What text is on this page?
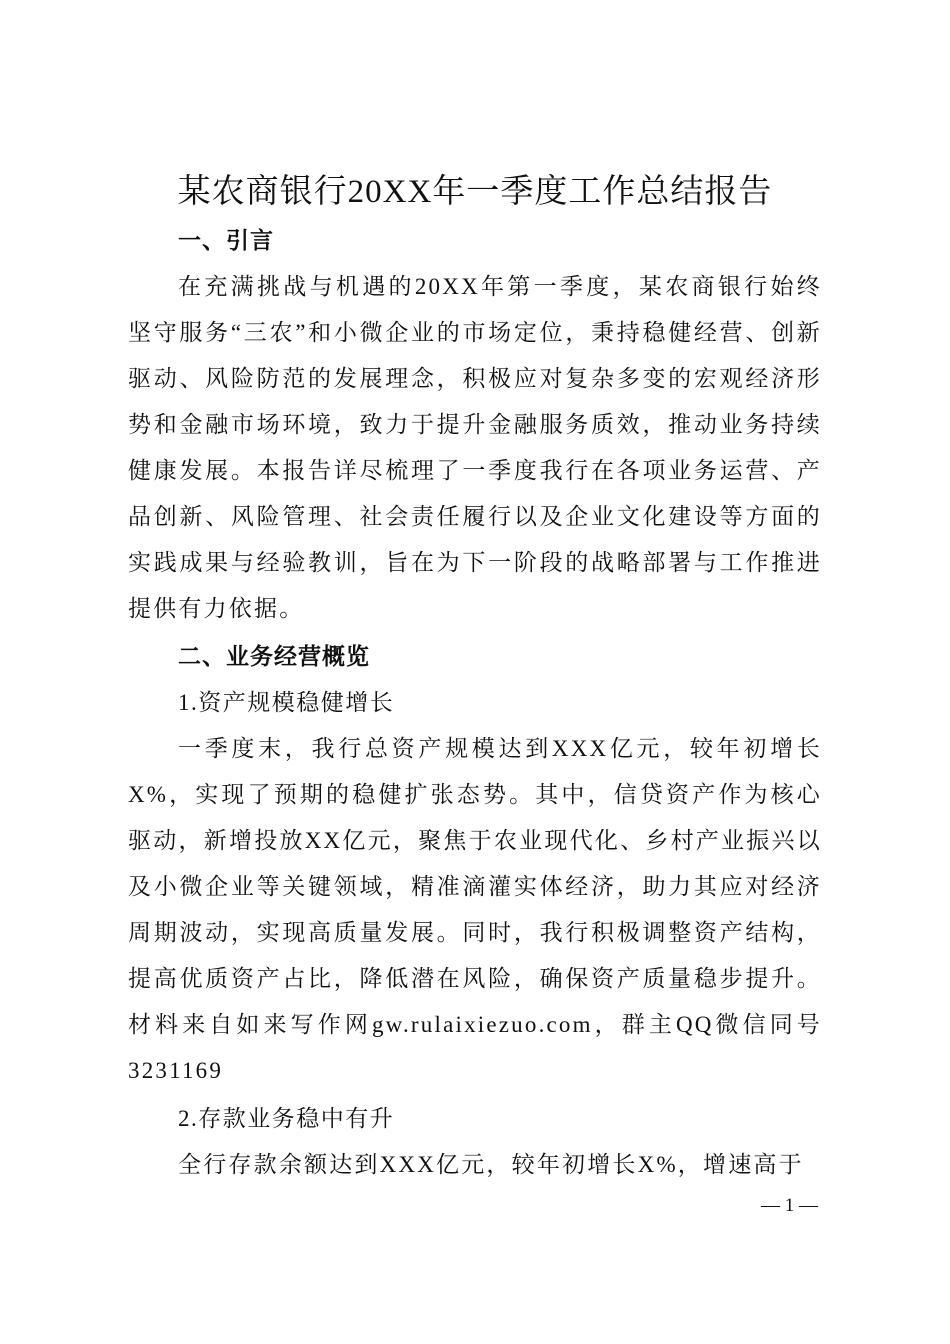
某农商银行20XX年一季度工作总结报告
一、引言

在充满挑战与机遇的20XX年第一季度，某农商银行始终坚守服务“三农”和小微企业的市场定位，秉持稳健经营、创新驱动、风险防范的发展理念，积极应对复杂多变的宏观经济形势和金融市场环境，致力于提升金融服务质效，推动业务持续健康发展。本报告详尽梳理了一季度我行在各项业务运营、产品创新、风险管理、社会责任履行以及企业文化建设等方面的实践成果与经验教训，旨在为下一阶段的战略部署与工作推进提供有力依据。

二、业务经营概览
1.资产规模稳健增长

一季度末，我行总资产规模达到XXX亿元，较年初增长X%，实现了预期的稳健扩张态势。其中，信贷资产作为核心驱动，新增投放XX亿元，聚焦于农业现代化、乡村产业振兴以及小微企业等关键领域，精准滴灌实体经济，助力其应对经济周期波动，实现高质量发展。同时，我行积极调整资产结构，提高优质资产占比，降低潜在风险，确保资产质量稳步提升。材料来自如来写作网gw.rulaixiezuo.com，群主QQ微信同号3231169

2.存款业务稳中有升

全行存款余额达到XXX亿元，较年初增长X%，增速高于

— 1 —
